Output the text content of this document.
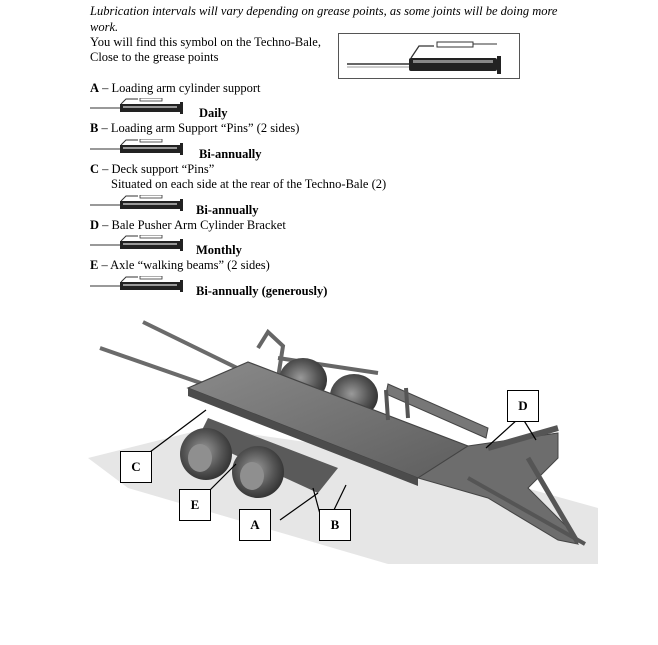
Lubrication intervals will vary depending on grease points, as some joints will be doing more work.
You will find this symbol on the Techno-Bale,
Close to the grease points
A – Loading arm cylinder support
Daily
B – Loading arm Support “Pins” (2 sides)
Bi-annually
C – Deck support “Pins”
Situated on each side at the rear of the Techno-Bale (2)
Bi-annually
D – Bale Pusher Arm Cylinder Bracket
Monthly
E – Axle “walking beams” (2 sides)
Bi-annually (generously)
C
E
A	B
D
